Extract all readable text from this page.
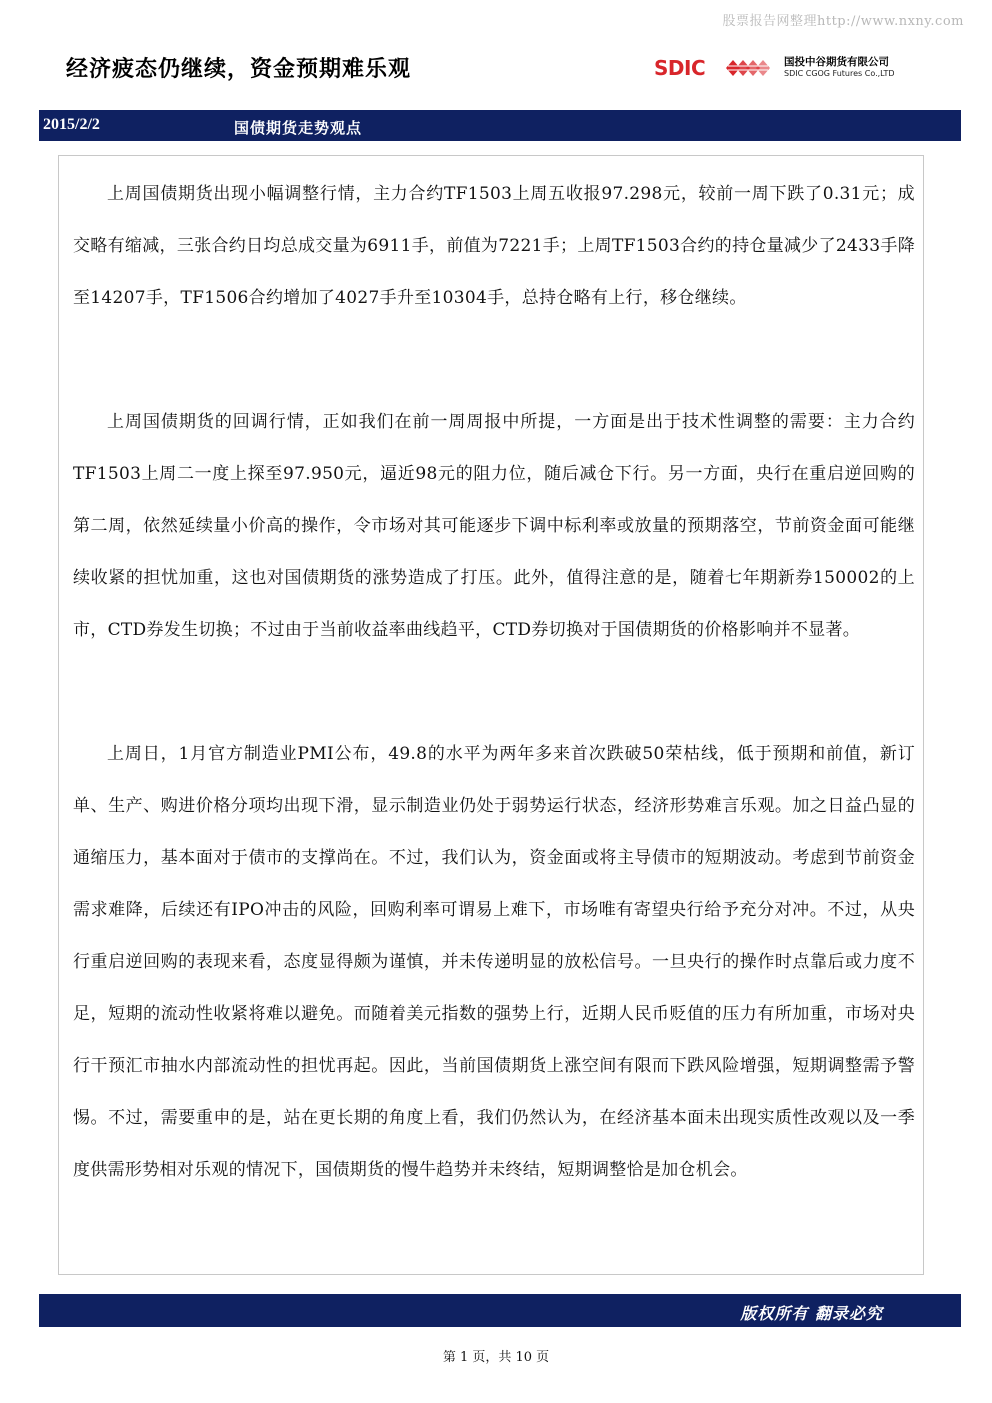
股票报告网整理http://www.nxny.com
经济疲态仍继续，资金预期难乐观	SDIC	国投中谷期货有限公司
SDIC CGOG Futures Co.,LTD
2015/2/2	国债期货走势观点

上周国债期货出现小幅调整行情，主力合约TF1503上周五收报97.298元，较前一周下跌了0.31元；成交略有缩减，三张合约日均总成交量为6911手，前值为7221手；上周TF1503合约的持仓量减少了2433手降至14207手，TF1506合约增加了4027手升至10304手，总持仓略有上行，移仓继续。

上周国债期货的回调行情，正如我们在前一周周报中所提，一方面是出于技术性调整的需要：主力合约TF1503上周二一度上探至97.950元，逼近98元的阻力位，随后减仓下行。另一方面，央行在重启逆回购的第二周，依然延续量小价高的操作，令市场对其可能逐步下调中标利率或放量的预期落空，节前资金面可能继续收紧的担忧加重，这也对国债期货的涨势造成了打压。此外，值得注意的是，随着七年期新券150002的上市，CTD券发生切换；不过由于当前收益率曲线趋平，CTD券切换对于国债期货的价格影响并不显著。

上周日，1月官方制造业PMI公布，49.8的水平为两年多来首次跌破50荣枯线，低于预期和前值，新订单、生产、购进价格分项均出现下滑，显示制造业仍处于弱势运行状态，经济形势难言乐观。加之日益凸显的通缩压力，基本面对于债市的支撑尚在。不过，我们认为，资金面或将主导债市的短期波动。考虑到节前资金需求难降，后续还有IPO冲击的风险，回购利率可谓易上难下，市场唯有寄望央行给予充分对冲。不过，从央行重启逆回购的表现来看，态度显得颇为谨慎，并未传递明显的放松信号。一旦央行的操作时点靠后或力度不足，短期的流动性收紧将难以避免。而随着美元指数的强势上行，近期人民币贬值的压力有所加重，市场对央行干预汇市抽水内部流动性的担忧再起。因此，当前国债期货上涨空间有限而下跌风险增强，短期调整需予警惕。不过，需要重申的是，站在更长期的角度上看，我们仍然认为，在经济基本面未出现实质性改观以及一季度供需形势相对乐观的情况下，国债期货的慢牛趋势并未终结，短期调整恰是加仓机会。

版权所有 翻录必究
第 1 页，共 10 页
